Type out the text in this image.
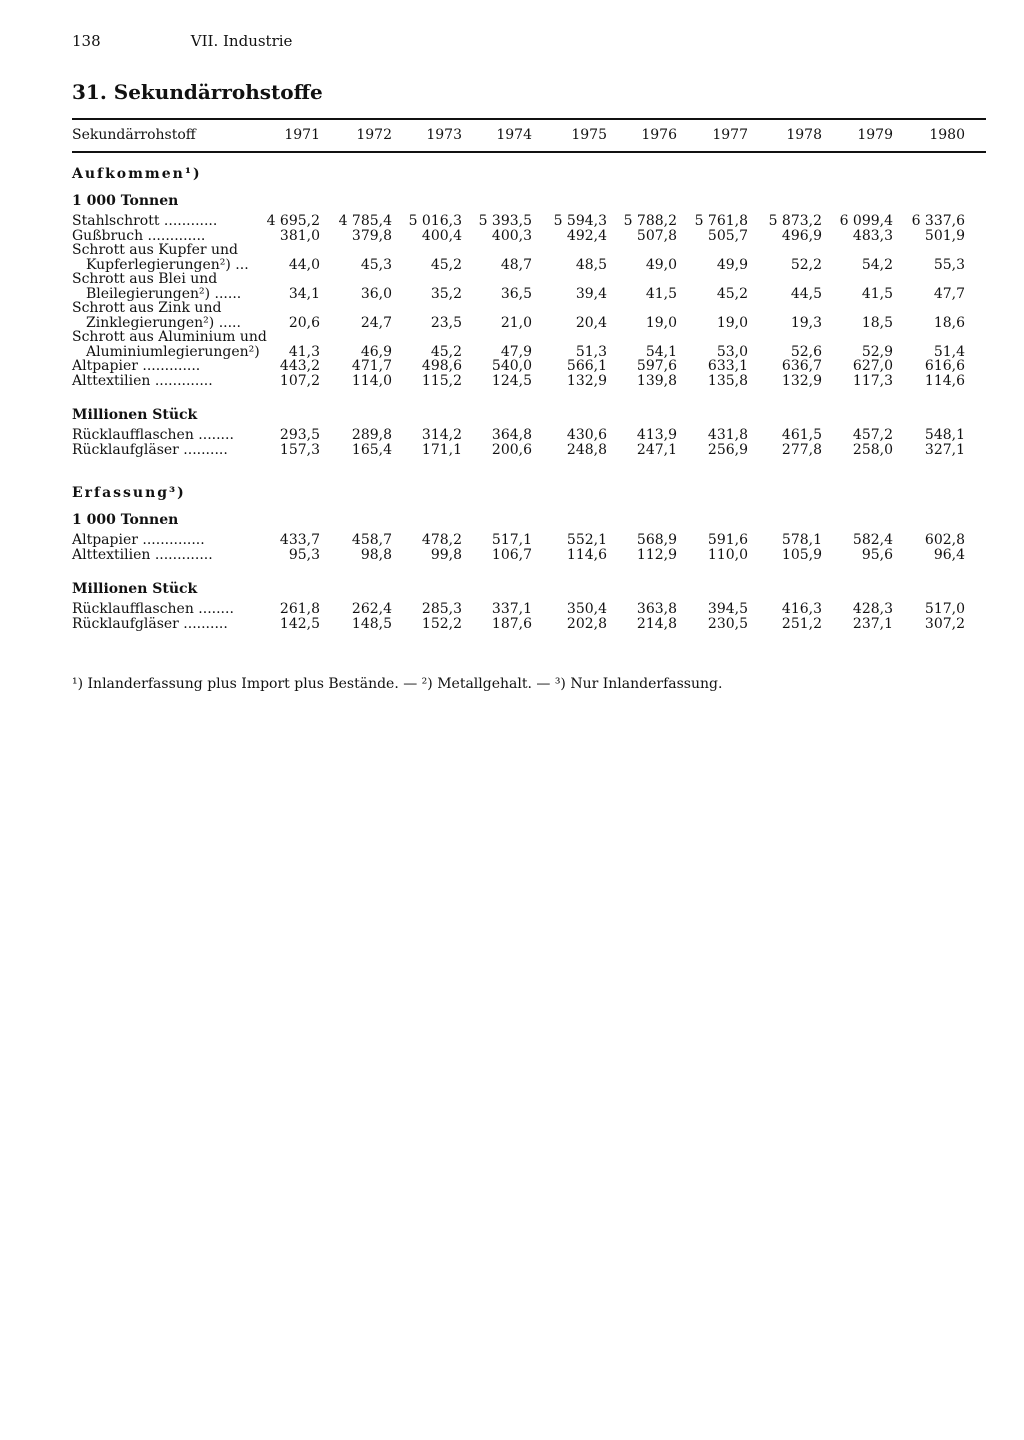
138	VII. Industrie
31. Sekundärrohstoffe
Sekundärrohstoff	1971	1972	1973	1974	1975	1976	1977	1978	1979	1980
Aufkommen¹)
1 000 Tonnen
Stahlschrott ............	4 695,2	4 785,4	5 016,3	5 393,5	5 594,3	5 788,2	5 761,8	5 873,2	6 099,4	6 337,6
Gußbruch .............	381,0	379,8	400,4	400,3	492,4	507,8	505,7	496,9	483,3	501,9
Schrott aus Kupfer und
Kupferlegierungen²) ...	44,0	45,3	45,2	48,7	48,5	49,0	49,9	52,2	54,2	55,3
Schrott aus Blei und
Bleilegierungen²) ......	34,1	36,0	35,2	36,5	39,4	41,5	45,2	44,5	41,5	47,7
Schrott aus Zink und
Zinklegierungen²) .....	20,6	24,7	23,5	21,0	20,4	19,0	19,0	19,3	18,5	18,6
Schrott aus Aluminium und
Aluminiumlegierungen²)	41,3	46,9	45,2	47,9	51,3	54,1	53,0	52,6	52,9	51,4
Altpapier .............	443,2	471,7	498,6	540,0	566,1	597,6	633,1	636,7	627,0	616,6
Alttextilien .............	107,2	114,0	115,2	124,5	132,9	139,8	135,8	132,9	117,3	114,6
Millionen Stück
Rücklaufflaschen ........	293,5	289,8	314,2	364,8	430,6	413,9	431,8	461,5	457,2	548,1
Rücklaufgläser ..........	157,3	165,4	171,1	200,6	248,8	247,1	256,9	277,8	258,0	327,1
Erfassung³)
1 000 Tonnen
Altpapier ..............	433,7	458,7	478,2	517,1	552,1	568,9	591,6	578,1	582,4	602,8
Alttextilien .............	95,3	98,8	99,8	106,7	114,6	112,9	110,0	105,9	95,6	96,4
Millionen Stück
Rücklaufflaschen ........	261,8	262,4	285,3	337,1	350,4	363,8	394,5	416,3	428,3	517,0
Rücklaufgläser ..........	142,5	148,5	152,2	187,6	202,8	214,8	230,5	251,2	237,1	307,2
¹) Inlanderfassung plus Import plus Bestände. — ²) Metallgehalt. — ³) Nur Inlanderfassung.
